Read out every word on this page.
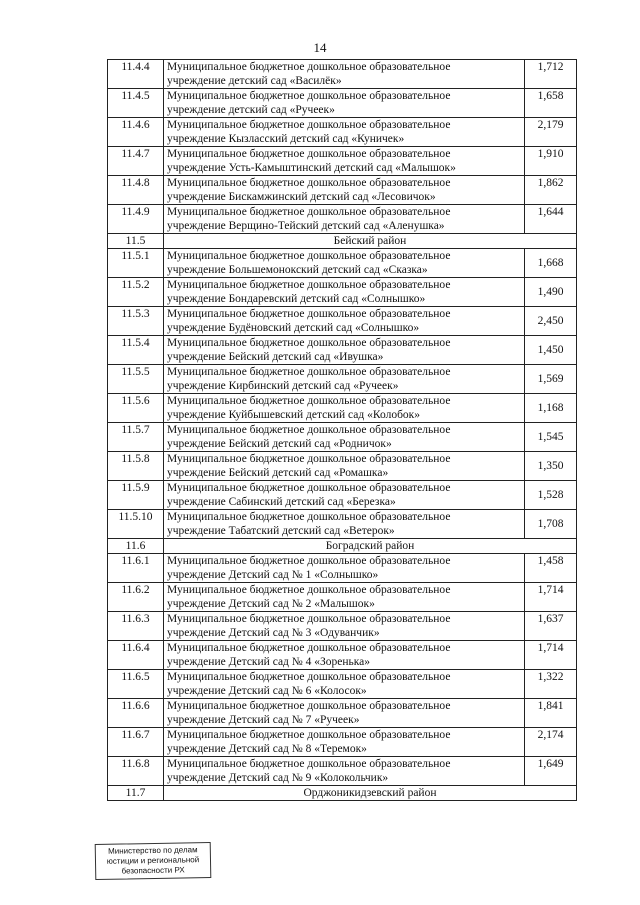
14
11.4.4	Муниципальное бюджетное дошкольное образовательное
учреждение детский сад «Василёк»	1,712
11.4.5	Муниципальное бюджетное дошкольное образовательное
учреждение детский сад «Ручеек»	1,658
11.4.6	Муниципальное бюджетное дошкольное образовательное
учреждение Кызласский детский сад «Куничек»	2,179
11.4.7	Муниципальное бюджетное дошкольное образовательное
учреждение Усть-Камыштинский детский сад «Малышок»	1,910
11.4.8	Муниципальное бюджетное дошкольное образовательное
учреждение Бискамжинский детский сад «Лесовичок»	1,862
11.4.9	Муниципальное бюджетное дошкольное образовательное
учреждение Верщино-Тейский детский сад «Аленушка»	1,644
11.5	Бейский район	
11.5.1	Муниципальное бюджетное дошкольное образовательное
учреждение Большемонокский детский сад «Сказка»	1,668
11.5.2	Муниципальное бюджетное дошкольное образовательное
учреждение Бондаревский детский сад «Солнышко»	1,490
11.5.3	Муниципальное бюджетное дошкольное образовательное
учреждение Будёновский детский сад «Солнышко»	2,450
11.5.4	Муниципальное бюджетное дошкольное образовательное
учреждение Бейский детский сад «Ивушка»	1,450
11.5.5	Муниципальное бюджетное дошкольное образовательное
учреждение Кирбинский детский сад «Ручеек»	1,569
11.5.6	Муниципальное бюджетное дошкольное образовательное
учреждение Куйбышевский детский сад «Колобок»	1,168
11.5.7	Муниципальное бюджетное дошкольное образовательное
учреждение Бейский детский сад «Родничок»	1,545
11.5.8	Муниципальное бюджетное дошкольное образовательное
учреждение Бейский детский сад «Ромашка»	1,350
11.5.9	Муниципальное бюджетное дошкольное образовательное
учреждение Сабинский детский сад «Березка»	1,528
11.5.10	Муниципальное бюджетное дошкольное образовательное
учреждение Табатский детский сад «Ветерок»	1,708
11.6	Боградский район	
11.6.1	Муниципальное бюджетное дошкольное образовательное
учреждение Детский сад № 1 «Солнышко»	1,458
11.6.2	Муниципальное бюджетное дошкольное образовательное
учреждение Детский сад № 2 «Малышок»	1,714
11.6.3	Муниципальное бюджетное дошкольное образовательное
учреждение Детский сад № 3 «Одуванчик»	1,637
11.6.4	Муниципальное бюджетное дошкольное образовательное
учреждение Детский сад № 4 «Зоренька»	1,714
11.6.5	Муниципальное бюджетное дошкольное образовательное
учреждение Детский сад № 6 «Колосок»	1,322
11.6.6	Муниципальное бюджетное дошкольное образовательное
учреждение Детский сад № 7 «Ручеек»	1,841
11.6.7	Муниципальное бюджетное дошкольное образовательное
учреждение Детский сад № 8 «Теремок»	2,174
11.6.8	Муниципальное бюджетное дошкольное образовательное
учреждение Детский сад № 9 «Колокольчик»	1,649
11.7	Орджоникидзевский район	
Министерство по делам
юстиции и региональной
безопасности РХ
